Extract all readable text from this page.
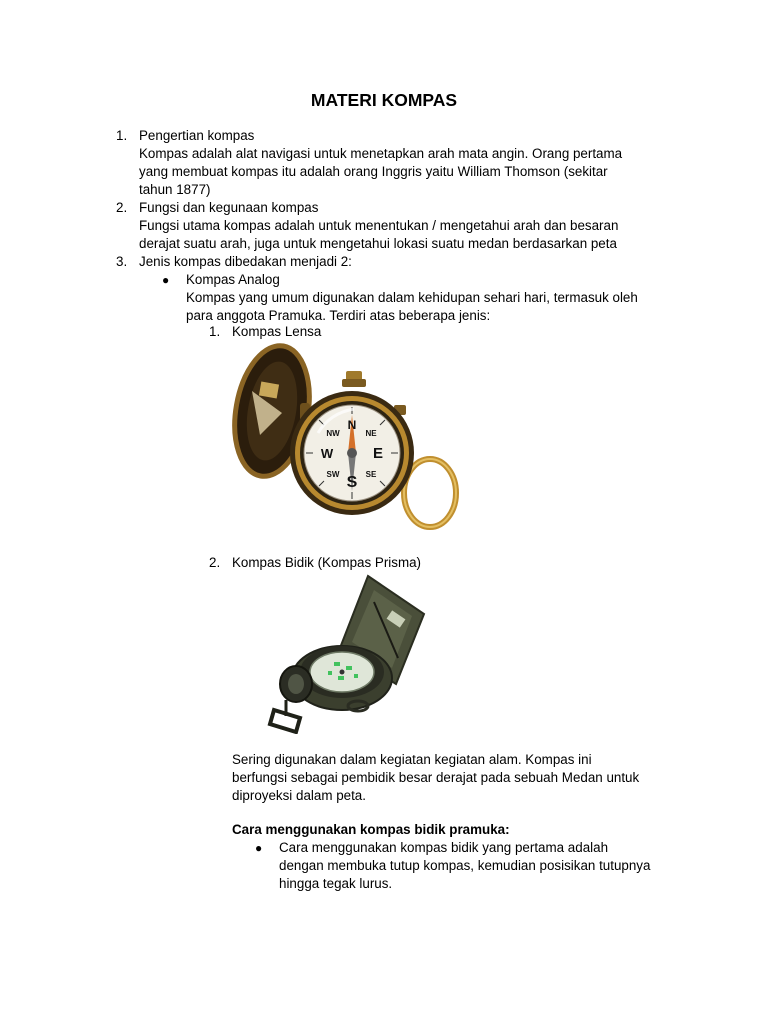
MATERI KOMPAS
1. Pengertian kompas
Kompas adalah alat navigasi untuk menetapkan arah mata angin. Orang pertama
yang membuat kompas itu adalah orang Inggris yaitu William Thomson (sekitar
tahun 1877)
2. Fungsi dan kegunaan kompas
Fungsi utama kompas adalah untuk menentukan / mengetahui arah dan besaran
derajat suatu arah, juga untuk mengetahui lokasi suatu medan berdasarkan peta
3. Jenis kompas dibedakan menjadi 2:
● Kompas Analog
Kompas yang umum digunakan dalam kehidupan sehari hari, termasuk oleh
para anggota Pramuka. Terdiri atas beberapa jenis:
1. Kompas Lensa
N
E
S
W
NE
NW
SE
SW
2. Kompas Bidik (Kompas Prisma)
Sering digunakan dalam kegiatan kegiatan alam. Kompas ini
berfungsi sebagai pembidik besar derajat pada sebuah Medan untuk
diproyeksi dalam peta.
Cara menggunakan kompas bidik pramuka:
● Cara menggunakan kompas bidik yang pertama adalah
dengan membuka tutup kompas, kemudian posisikan tutupnya
hingga tegak lurus.
